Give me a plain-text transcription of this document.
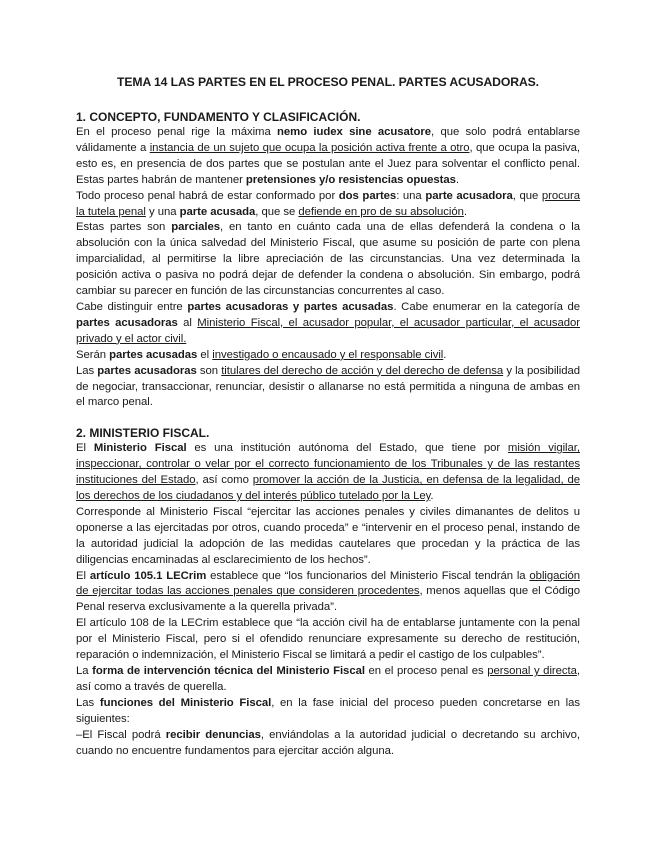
TEMA 14 LAS PARTES EN EL PROCESO PENAL. PARTES ACUSADORAS.
1. CONCEPTO, FUNDAMENTO Y CLASIFICACIÓN.

En el proceso penal rige la máxima nemo iudex sine acusatore, que solo podrá entablarse válidamente a instancia de un sujeto que ocupa la posición activa frente a otro, que ocupa la pasiva, esto es, en presencia de dos partes que se postulan ante el Juez para solventar el conflicto penal. Estas partes habrán de mantener pretensiones y/o resistencias opuestas.

Todo proceso penal habrá de estar conformado por dos partes: una parte acusadora, que procura la tutela penal y una parte acusada, que se defiende en pro de su absolución.

Estas partes son parciales, en tanto en cuánto cada una de ellas defenderá la condena o la absolución con la única salvedad del Ministerio Fiscal, que asume su posición de parte con plena imparcialidad, al permitirse la libre apreciación de las circunstancias. Una vez determinada la posición activa o pasiva no podrá dejar de defender la condena o absolución. Sin embargo, podrá cambiar su parecer en función de las circunstancias concurrentes al caso.

Cabe distinguir entre partes acusadoras y partes acusadas. Cabe enumerar en la categoría de partes acusadoras al Ministerio Fiscal, el acusador popular, el acusador particular, el acusador privado y el actor civil.

Serán partes acusadas el investigado o encausado y el responsable civil.

Las partes acusadoras son titulares del derecho de acción y del derecho de defensa y la posibilidad de negociar, transaccionar, renunciar, desistir o allanarse no está permitida a ninguna de ambas en el marco penal.

2. MINISTERIO FISCAL.

El Ministerio Fiscal es una institución autónoma del Estado, que tiene por misión vigilar, inspeccionar, controlar o velar por el correcto funcionamiento de los Tribunales y de las restantes instituciones del Estado, así como promover la acción de la Justicia, en defensa de la legalidad, de los derechos de los ciudadanos y del interés público tutelado por la Ley.

Corresponde al Ministerio Fiscal “ejercitar las acciones penales y civiles dimanantes de delitos u oponerse a las ejercitadas por otros, cuando proceda” e “intervenir en el proceso penal, instando de la autoridad judicial la adopción de las medidas cautelares que procedan y la práctica de las diligencias encaminadas al esclarecimiento de los hechos”.

El artículo 105.1 LECrim establece que “los funcionarios del Ministerio Fiscal tendrán la obligación de ejercitar todas las acciones penales que consideren procedentes, menos aquellas que el Código Penal reserva exclusivamente a la querella privada”.

El artículo 108 de la LECrim establece que “la acción civil ha de entablarse juntamente con la penal por el Ministerio Fiscal, pero si el ofendido renunciare expresamente su derecho de restitución, reparación o indemnización, el Ministerio Fiscal se limitará a pedir el castigo de los culpables”.

La forma de intervención técnica del Ministerio Fiscal en el proceso penal es personal y directa, así como a través de querella.

Las funciones del Ministerio Fiscal, en la fase inicial del proceso pueden concretarse en las siguientes:

–El Fiscal podrá recibir denuncias, enviándolas a la autoridad judicial o decretando su archivo, cuando no encuentre fundamentos para ejercitar acción alguna.
